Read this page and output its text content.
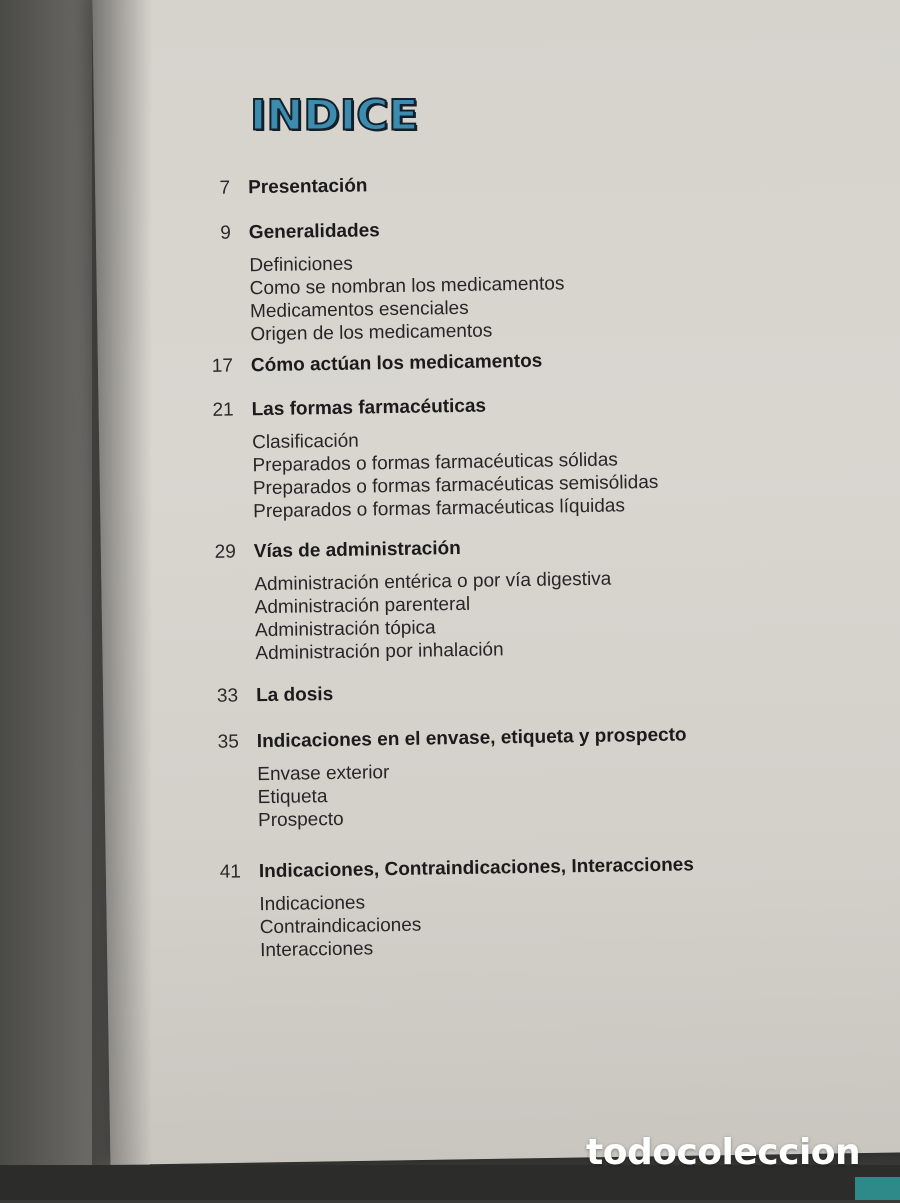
INDICE
7 Presentación
9 Generalidades
Definiciones
Como se nombran los medicamentos
Medicamentos esenciales
Origen de los medicamentos
17 Cómo actúan los medicamentos
21 Las formas farmacéuticas
Clasificación
Preparados o formas farmacéuticas sólidas
Preparados o formas farmacéuticas semisólidas
Preparados o formas farmacéuticas líquidas
29 Vías de administración
Administración entérica o por vía digestiva
Administración parenteral
Administración tópica
Administración por inhalación
33 La dosis
35 Indicaciones en el envase, etiqueta y prospecto
Envase exterior
Etiqueta
Prospecto
41 Indicaciones, Contraindicaciones, Interacciones
Indicaciones
Contraindicaciones
Interacciones
todocoleccion
